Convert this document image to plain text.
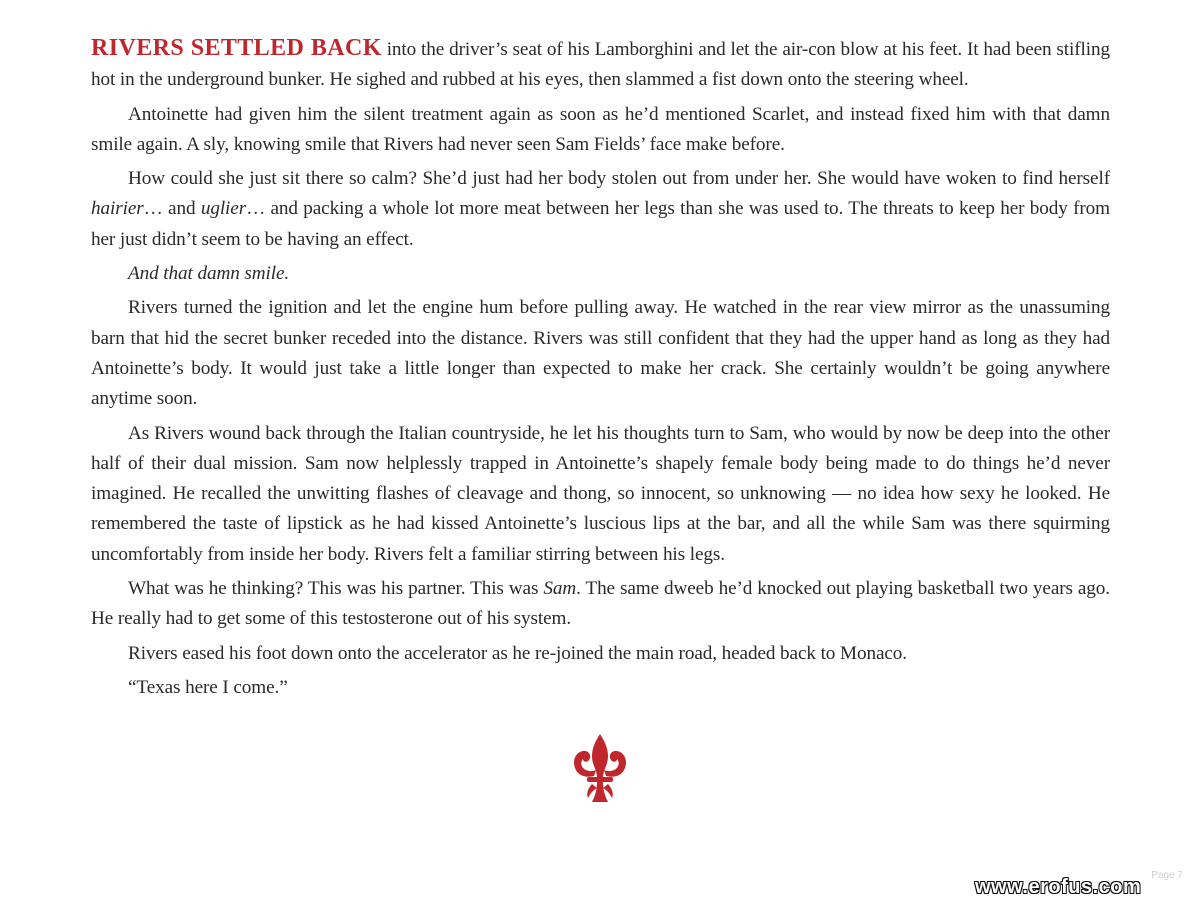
RIVERS SETTLED BACK into the driver’s seat of his Lamborghini and let the air-con blow at his feet. It had been stifling hot in the underground bunker. He sighed and rubbed at his eyes, then slammed a fist down onto the steering wheel.

Antoinette had given him the silent treatment again as soon as he’d mentioned Scarlet, and instead fixed him with that damn smile again. A sly, knowing smile that Rivers had never seen Sam Fields’ face make before.

How could she just sit there so calm? She’d just had her body stolen out from under her. She would have woken to find herself hairier… and uglier… and packing a whole lot more meat between her legs than she was used to. The threats to keep her body from her just didn’t seem to be having an effect.

And that damn smile.

Rivers turned the ignition and let the engine hum before pulling away. He watched in the rear view mirror as the unassuming barn that hid the secret bunker receded into the distance. Rivers was still confident that they had the upper hand as long as they had Antoinette’s body. It would just take a little longer than expected to make her crack. She certainly wouldn’t be going anywhere anytime soon.

As Rivers wound back through the Italian countryside, he let his thoughts turn to Sam, who would by now be deep into the other half of their dual mission. Sam now helplessly trapped in Antoinette’s shapely female body being made to do things he’d never imagined. He recalled the unwitting flashes of cleavage and thong, so innocent, so unknowing — no idea how sexy he looked. He remembered the taste of lipstick as he had kissed Antoinette’s luscious lips at the bar, and all the while Sam was there squirming uncomfortably from inside her body. Rivers felt a familiar stirring between his legs.

What was he thinking? This was his partner. This was Sam. The same dweeb he’d knocked out playing basketball two years ago. He really had to get some of this testosterone out of his system.

Rivers eased his foot down onto the accelerator as he re-joined the main road, headed back to Monaco.

“Texas here I come.”

Page 7
www.erofus.com
